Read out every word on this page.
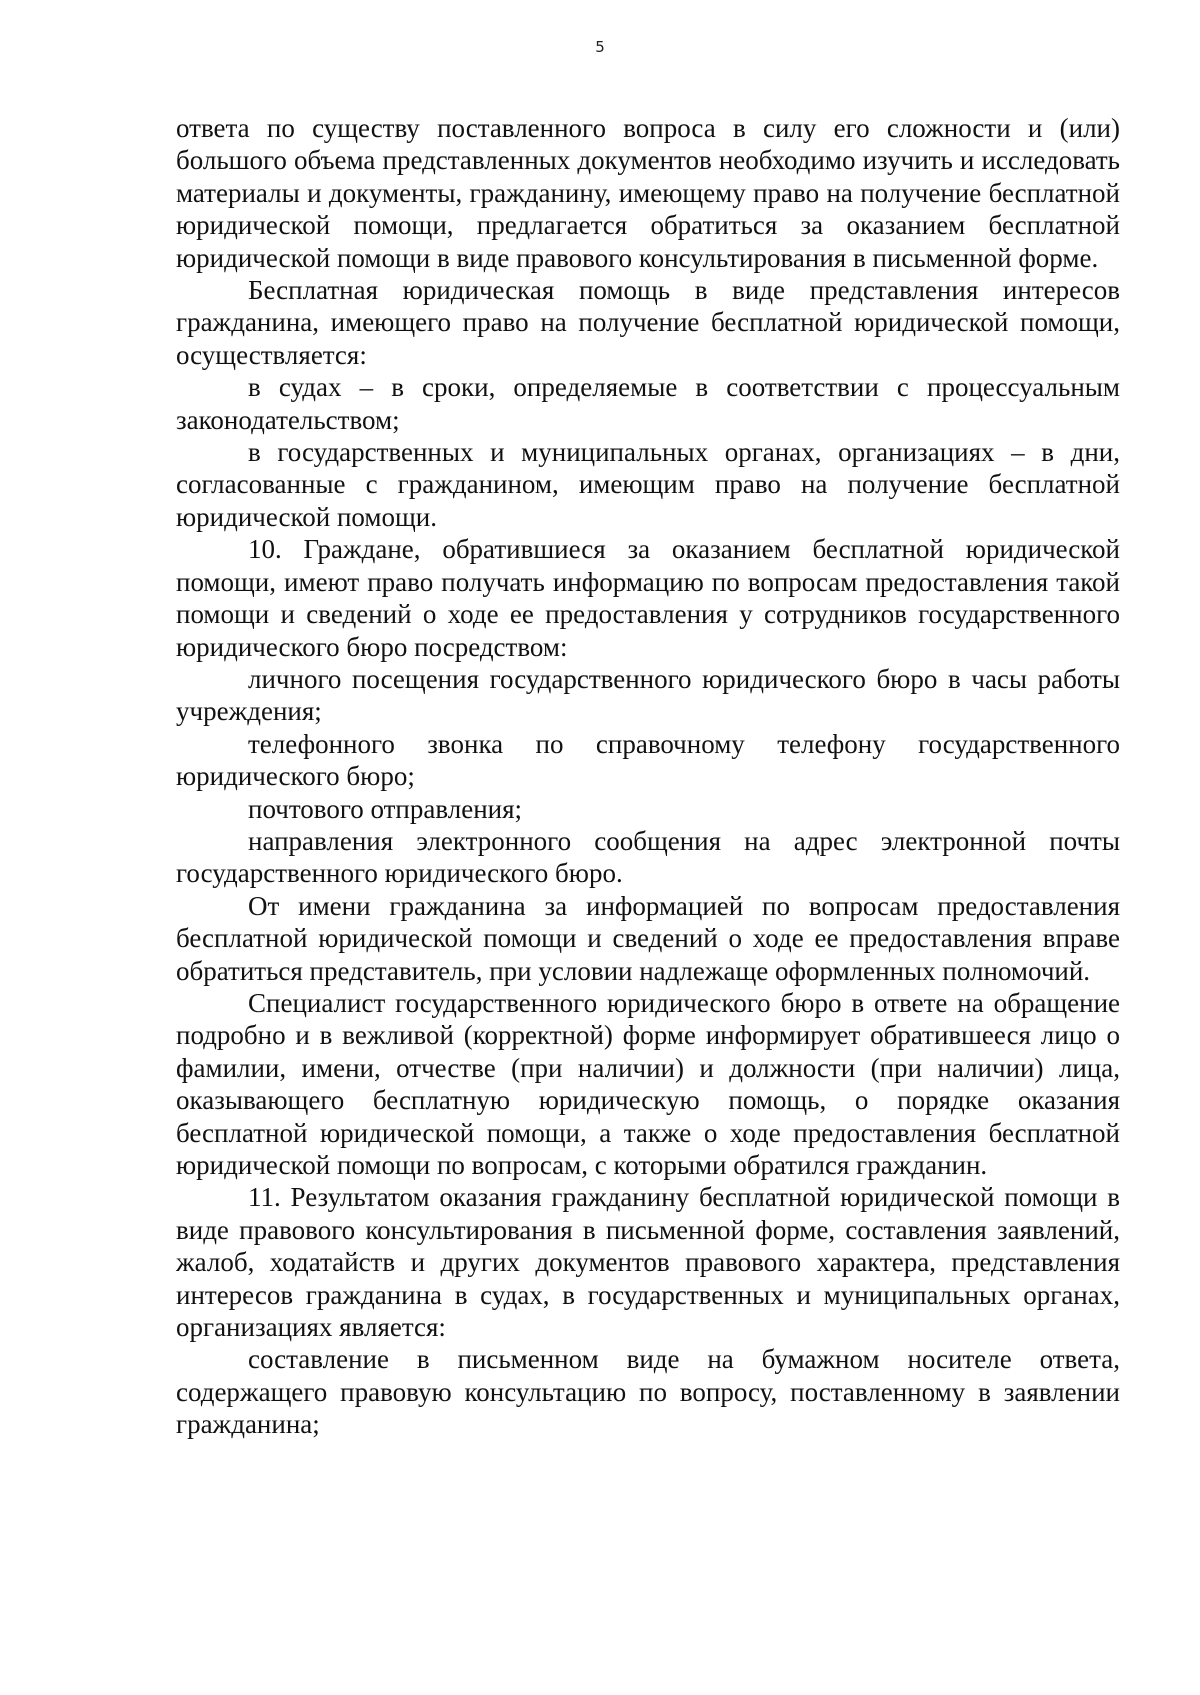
5

ответа по существу поставленного вопроса в силу его сложности и (или) большого объема представленных документов необходимо изучить и исследовать материалы и документы, гражданину, имеющему право на получение бесплатной юридической помощи, предлагается обратиться за оказанием бесплатной юридической помощи в виде правового консультирования в письменной форме.

Бесплатная юридическая помощь в виде представления интересов гражданина, имеющего право на получение бесплатной юридической помощи, осуществляется:

в судах – в сроки, определяемые в соответствии с процессуальным законодательством;

в государственных и муниципальных органах, организациях – в дни, согласованные с гражданином, имеющим право на получение бесплатной юридической помощи.

10. Граждане, обратившиеся за оказанием бесплатной юридической помощи, имеют право получать информацию по вопросам предоставления такой помощи и сведений о ходе ее предоставления у сотрудников государственного юридического бюро посредством:

личного посещения государственного юридического бюро в часы работы учреждения;

телефонного звонка по справочному телефону государственного юридического бюро;

почтового отправления;

направления электронного сообщения на адрес электронной почты государственного юридического бюро.

От имени гражданина за информацией по вопросам предоставления бесплатной юридической помощи и сведений о ходе ее предоставления вправе обратиться представитель, при условии надлежаще оформленных полномочий.

Специалист государственного юридического бюро в ответе на обращение подробно и в вежливой (корректной) форме информирует обратившееся лицо о фамилии, имени, отчестве (при наличии) и должности (при наличии) лица, оказывающего бесплатную юридическую помощь, о порядке оказания бесплатной юридической помощи, а также о ходе предоставления бесплатной юридической помощи по вопросам, с которыми обратился гражданин.

11. Результатом оказания гражданину бесплатной юридической помощи в виде правового консультирования в письменной форме, составления заявлений, жалоб, ходатайств и других документов правового характера, представления интересов гражданина в судах, в государственных и муниципальных органах, организациях является:

составление в письменном виде на бумажном носителе ответа, содержащего правовую консультацию по вопросу, поставленному в заявлении гражданина;
